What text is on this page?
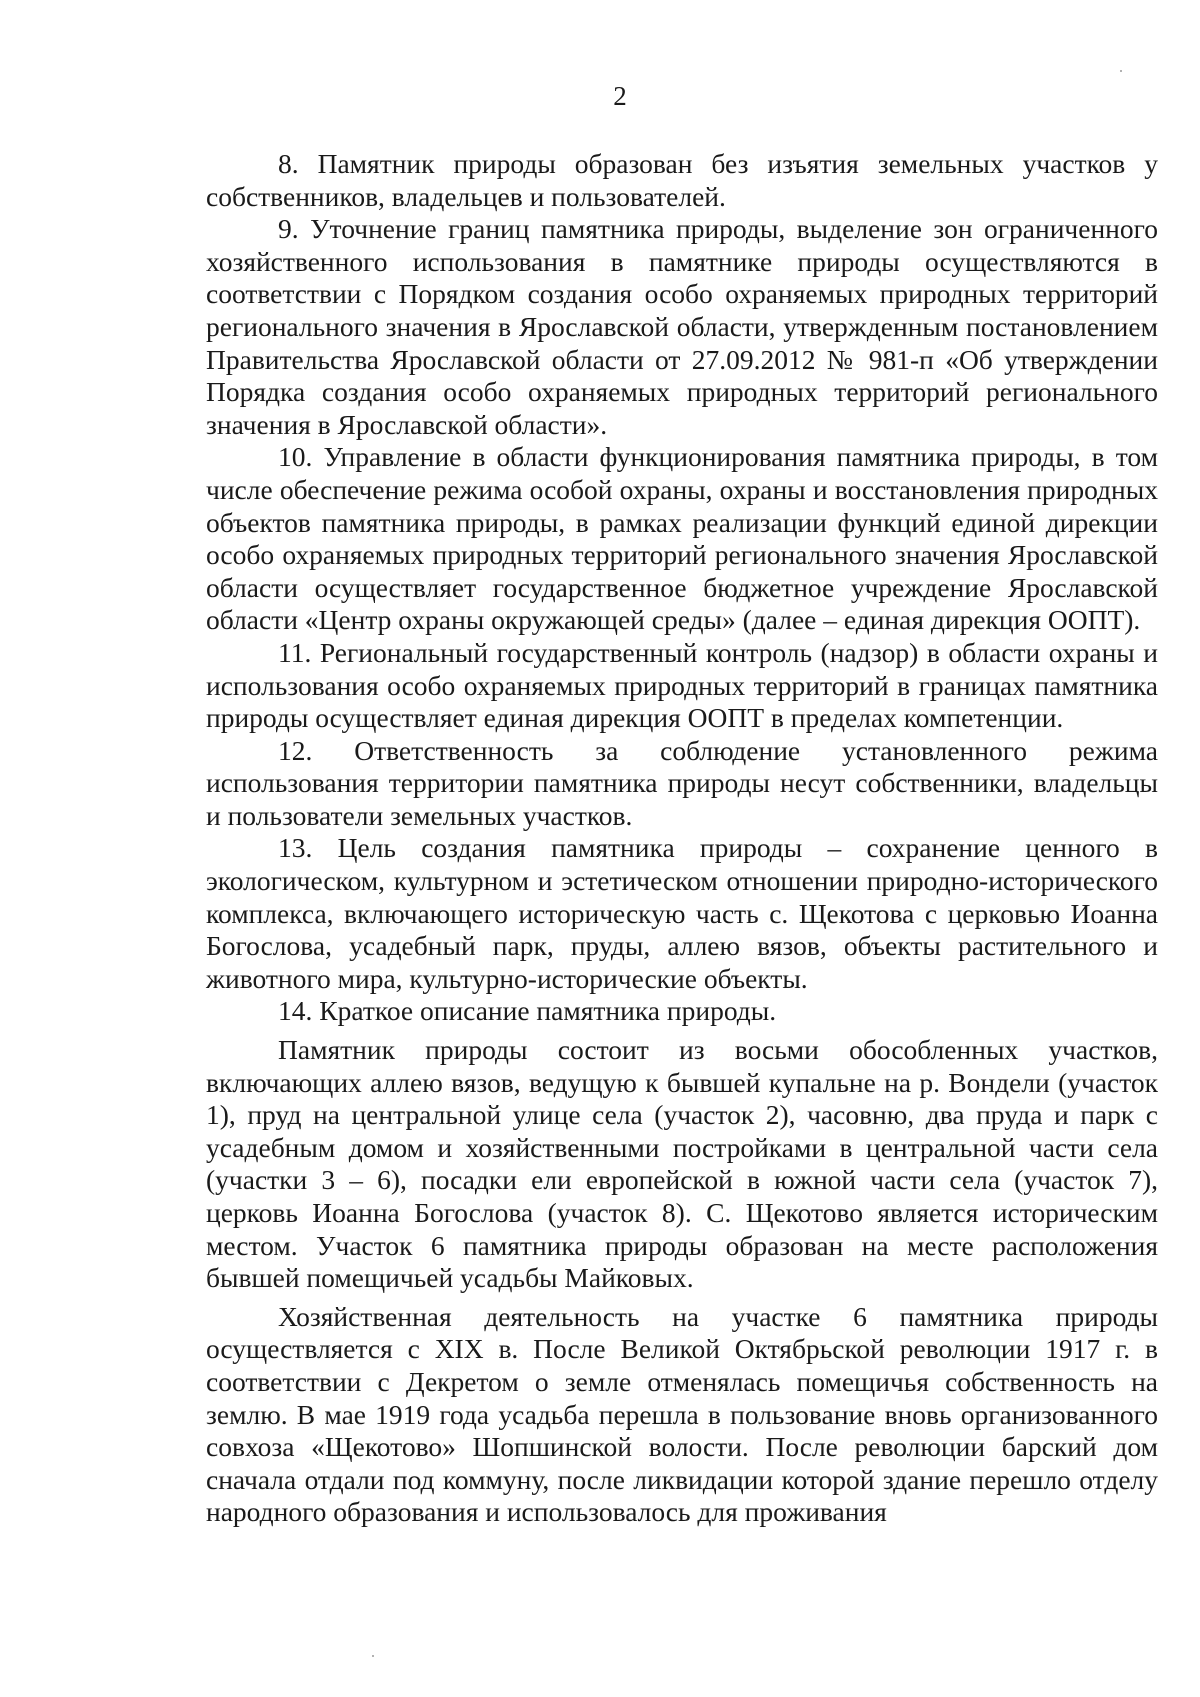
2

8. Памятник природы образован без изъятия земельных участков у собственников, владельцев и пользователей.

9. Уточнение границ памятника природы, выделение зон ограниченного хозяйственного использования в памятнике природы осуществляются в соответствии с Порядком создания особо охраняемых природных территорий регионального значения в Ярославской области, утвержденным постановлением Правительства Ярославской области от 27.09.2012 № 981-п «Об утверждении Порядка создания особо охраняемых природных территорий регионального значения в Ярославской области».

10. Управление в области функционирования памятника природы, в том числе обеспечение режима особой охраны, охраны и восстановления природных объектов памятника природы, в рамках реализации функций единой дирекции особо охраняемых природных территорий регионального значения Ярославской области осуществляет государственное бюджетное учреждение Ярославской области «Центр охраны окружающей среды» (далее – единая дирекция ООПТ).

11. Региональный государственный контроль (надзор) в области охраны и использования особо охраняемых природных территорий в границах памятника природы осуществляет единая дирекция ООПТ в пределах компетенции.

12. Ответственность за соблюдение установленного режима использования территории памятника природы несут собственники, владельцы и пользователи земельных участков.

13. Цель создания памятника природы – сохранение ценного в экологическом, культурном и эстетическом отношении природно-исторического комплекса, включающего историческую часть с. Щекотова с церковью Иоанна Богослова, усадебный парк, пруды, аллею вязов, объекты растительного и животного мира, культурно-исторические объекты.

14. Краткое описание памятника природы.

Памятник природы состоит из восьми обособленных участков, включающих аллею вязов, ведущую к бывшей купальне на р. Вондели (участок 1), пруд на центральной улице села (участок 2), часовню, два пруда и парк с усадебным домом и хозяйственными постройками в центральной части села (участки 3 – 6), посадки ели европейской в южной части села (участок 7), церковь Иоанна Богослова (участок 8). С. Щекотово является историческим местом. Участок 6 памятника природы образован на месте расположения бывшей помещичьей усадьбы Майковых.

Хозяйственная деятельность на участке 6 памятника природы осуществляется с XIX в. После Великой Октябрьской революции 1917 г. в соответствии с Декретом о земле отменялась помещичья собственность на землю. В мае 1919 года усадьба перешла в пользование вновь организованного совхоза «Щекотово» Шопшинской волости. После революции барский дом сначала отдали под коммуну, после ликвидации которой здание перешло отделу народного образования и использовалось для проживания
